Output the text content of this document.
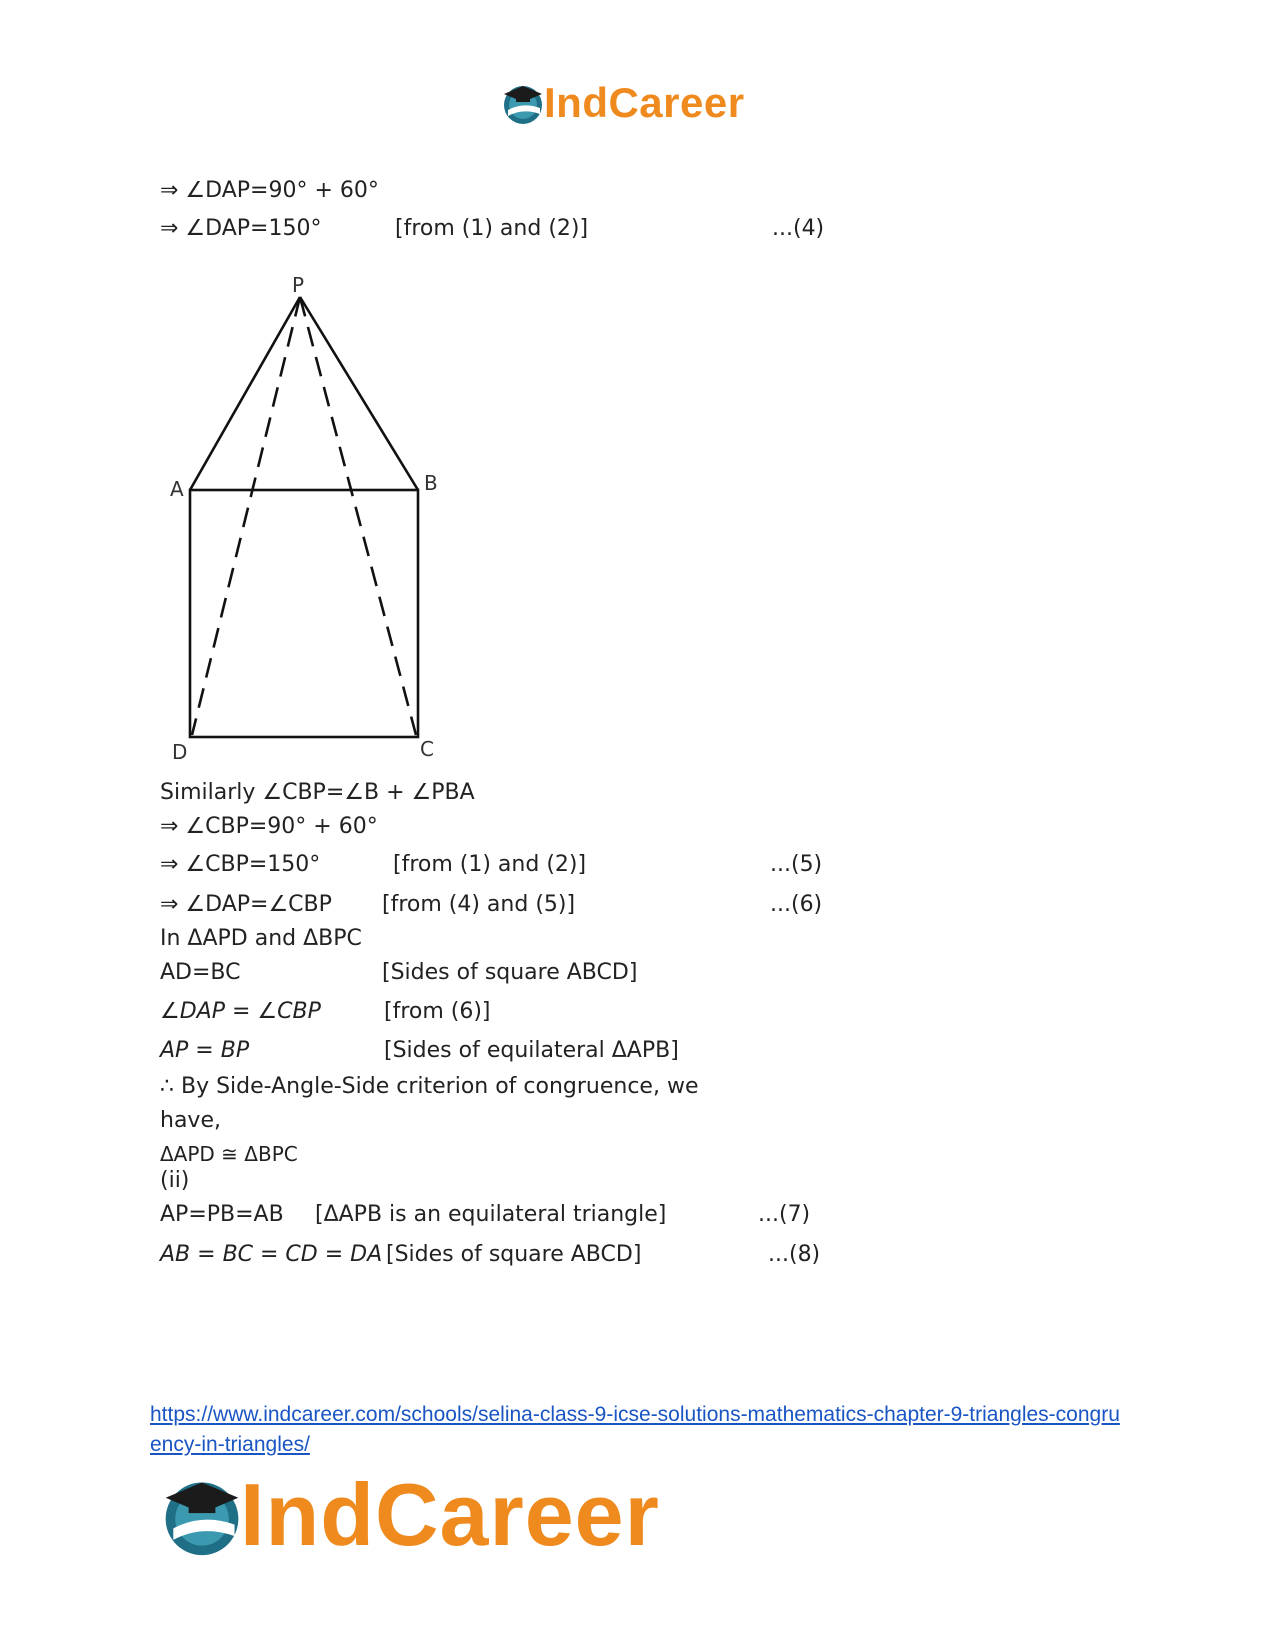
IndCareer
⇒ ∠DAP=90° + 60°
⇒ ∠DAP=150°	[from (1) and (2)]	...(4)
P
A	B
D	C
Similarly ∠CBP=∠B + ∠PBA
⇒ ∠CBP=90° + 60°
⇒ ∠CBP=150°	[from (1) and (2)]	...(5)
⇒ ∠DAP=∠CBP [from (4) and (5)]	...(6)
In ΔAPD and ΔBPC
AD=BC	[Sides of square ABCD]
∠DAP = ∠CBP	[from (6)]
AP = BP	[Sides of equilateral ΔAPB]
∴ By Side-Angle-Side criterion of congruence, we
have,
ΔAPD ≅ ΔBPC
(ii)
AP=PB=AB [ΔAPB is an equilateral triangle]	...(7)
AB = BC = CD = DA [Sides of square ABCD]	...(8)
https://www.indcareer.com/schools/selina-class-9-icse-solutions-mathematics-chapter-9-triangles-congruency-in-triangles/
IndCareer
